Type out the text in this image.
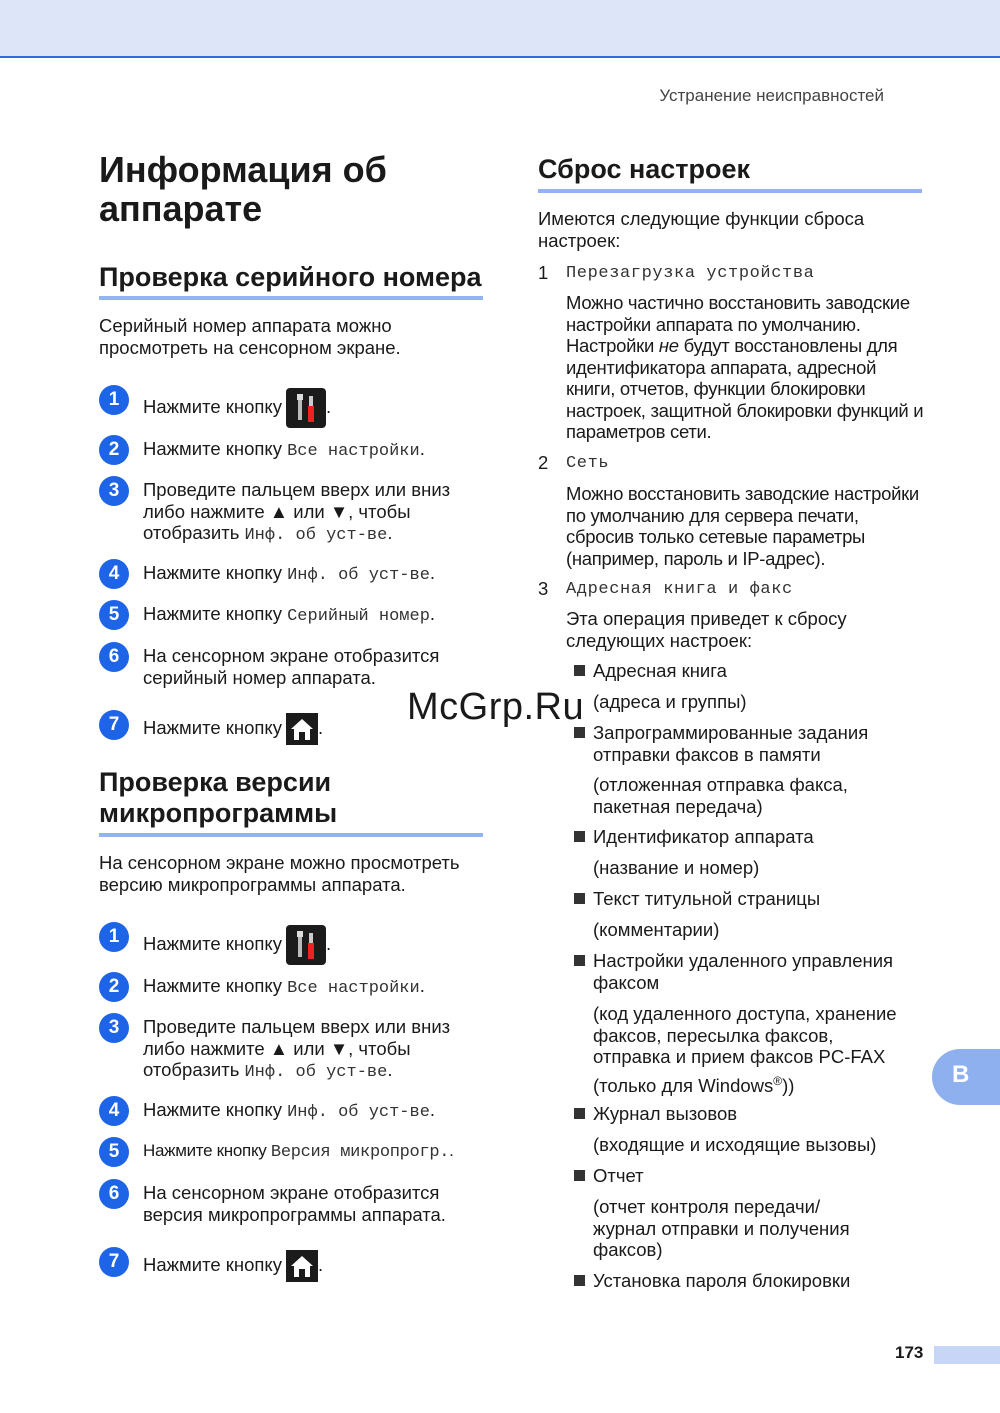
Устранение неисправностей
Информация об аппарате
Проверка серийного номера
Серийный номер аппарата можно просмотреть на сенсорном экране.
1	Нажмите кнопку .
2	Нажмите кнопку Все настройки.
3	Проведите пальцем вверх или вниз либо нажмите ▲ или ▼, чтобы отобразить Инф. об уст-ве.
4	Нажмите кнопку Инф. об уст-ве.
5	Нажмите кнопку Серийный номер.
6	На сенсорном экране отобразится серийный номер аппарата.
7	Нажмите кнопку .
Проверка версии микропрограммы
На сенсорном экране можно просмотреть версию микропрограммы аппарата.
1	Нажмите кнопку .
2	Нажмите кнопку Все настройки.
3	Проведите пальцем вверх или вниз либо нажмите ▲ или ▼, чтобы отобразить Инф. об уст-ве.
4	Нажмите кнопку Инф. об уст-ве.
5	Нажмите кнопку Версия микропрогр..
6	На сенсорном экране отобразится версия микропрограммы аппарата.
7	Нажмите кнопку .
Сброс настроек
Имеются следующие функции сброса настроек:
1 Перезагрузка устройства
Можно частично восстановить заводские настройки аппарата по умолчанию. Настройки не будут восстановлены для идентификатора аппарата, адресной книги, отчетов, функции блокировки настроек, защитной блокировки функций и параметров сети.
2 Сеть
Можно восстановить заводские настройки по умолчанию для сервера печати, сбросив только сетевые параметры (например, пароль и IP-адрес).
3 Адресная книга и факс
Эта операция приведет к сбросу следующих настроек:
Адресная книга
(адреса и группы)
Запрограммированные задания отправки факсов в памяти
(отложенная отправка факса, пакетная передача)
Идентификатор аппарата
(название и номер)
Текст титульной страницы
(комментарии)
Настройки удаленного управления факсом
(код удаленного доступа, хранение факсов, пересылка факсов, отправка и прием факсов PC-FAX
(только для Windows®))
Журнал вызовов
(входящие и исходящие вызовы)
Отчет
(отчет контроля передачи/ журнал отправки и получения факсов)
Установка пароля блокировки
McGrp.Ru
B
173
